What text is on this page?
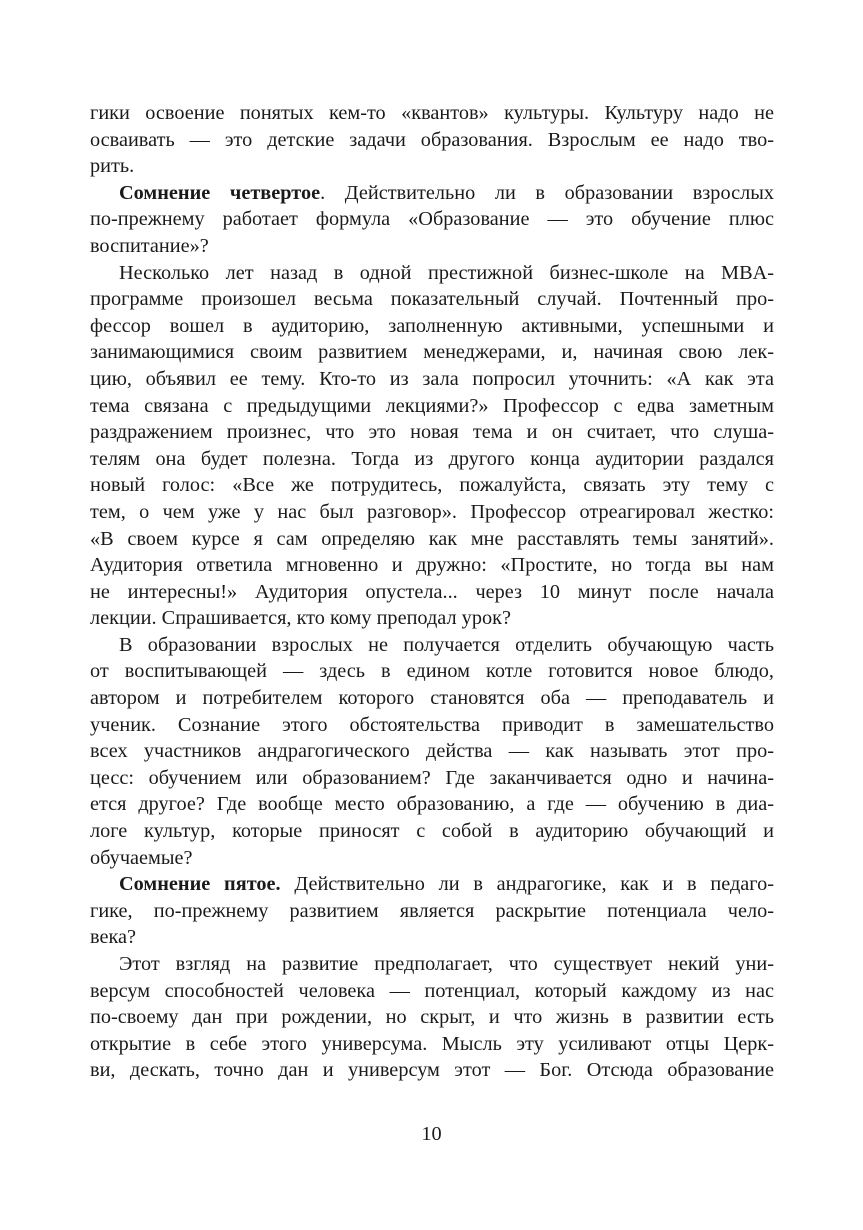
гики освоение понятых кем-то «квантов» культуры. Культуру надо не
осваивать — это детские задачи образования. Взрослым ее надо тво-
рить.
Сомнение четвертое. Действительно ли в образовании взрослых
по-прежнему работает формула «Образование — это обучение плюс
воспитание»?
Несколько лет назад в одной престижной бизнес-школе на MBA-
программе произошел весьма показательный случай. Почтенный про-
фессор вошел в аудиторию, заполненную активными, успешными и
занимающимися своим развитием менеджерами, и, начиная свою лек-
цию, объявил ее тему. Кто-то из зала попросил уточнить: «А как эта
тема связана с предыдущими лекциями?» Профессор с едва заметным
раздражением произнес, что это новая тема и он считает, что слуша-
телям она будет полезна. Тогда из другого конца аудитории раздался
новый голос: «Все же потрудитесь, пожалуйста, связать эту тему с
тем, о чем уже у нас был разговор». Профессор отреагировал жестко:
«В своем курсе я сам определяю как мне расставлять темы занятий».
Аудитория ответила мгновенно и дружно: «Простите, но тогда вы нам
не интересны!» Аудитория опустела... через 10 минут после начала
лекции. Спрашивается, кто кому преподал урок?
В образовании взрослых не получается отделить обучающую часть
от воспитывающей — здесь в едином котле готовится новое блюдо,
автором и потребителем которого становятся оба — преподаватель и
ученик. Сознание этого обстоятельства приводит в замешательство
всех участников андрагогического действа — как называть этот про-
цесс: обучением или образованием? Где заканчивается одно и начина-
ется другое? Где вообще место образованию, а где — обучению в диа-
логе культур, которые приносят с собой в аудиторию обучающий и
обучаемые?
Сомнение пятое. Действительно ли в андрагогике, как и в педаго-
гике, по-прежнему развитием является раскрытие потенциала чело-
века?
Этот взгляд на развитие предполагает, что существует некий уни-
версум способностей человека — потенциал, который каждому из нас
по-своему дан при рождении, но скрыт, и что жизнь в развитии есть
открытие в себе этого универсума. Мысль эту усиливают отцы Церк-
ви, дескать, точно дан и универсум этот — Бог. Отсюда образование
10
